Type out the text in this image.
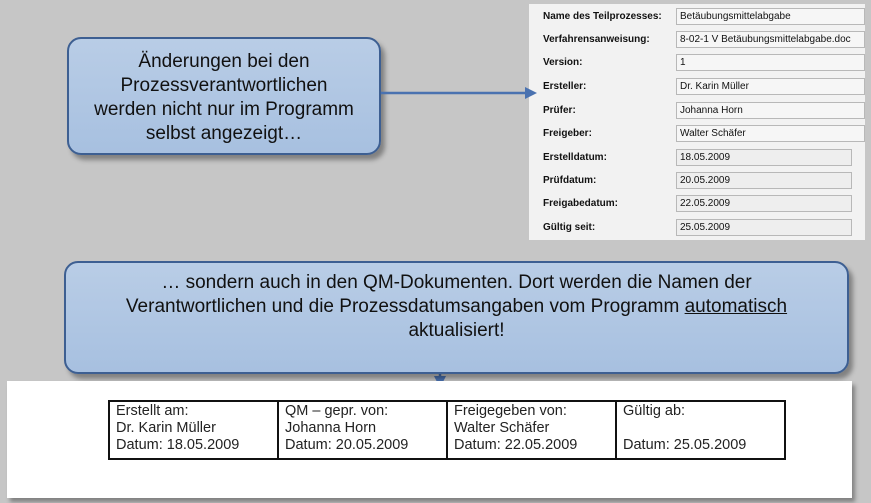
Änderungen bei den
Prozessverantwortlichen
werden nicht nur im Programm
selbst angezeigt…
Name des Teilprozesses:	Betäubungsmittelabgabe
Verfahrensanweisung:	8-02-1 V Betäubungsmittelabgabe.doc
Version:	1
Ersteller:	Dr. Karin Müller
Prüfer:	Johanna Horn
Freigeber:	Walter Schäfer
Erstelldatum:	18.05.2009
Prüfdatum:	20.05.2009
Freigabedatum:	22.05.2009
Gültig seit:	25.05.2009
… sondern auch in den QM-Dokumenten. Dort werden die Namen der
Verantwortlichen und die Prozessdatumsangaben vom Programm automatisch
aktualisiert!
Erstellt am:
Dr. Karin Müller
Datum: 18.05.2009

QM – gepr. von:
Johanna Horn
Datum: 20.05.2009

Freigegeben von:
Walter Schäfer
Datum: 22.05.2009

Gültig ab:

Datum: 25.05.2009
